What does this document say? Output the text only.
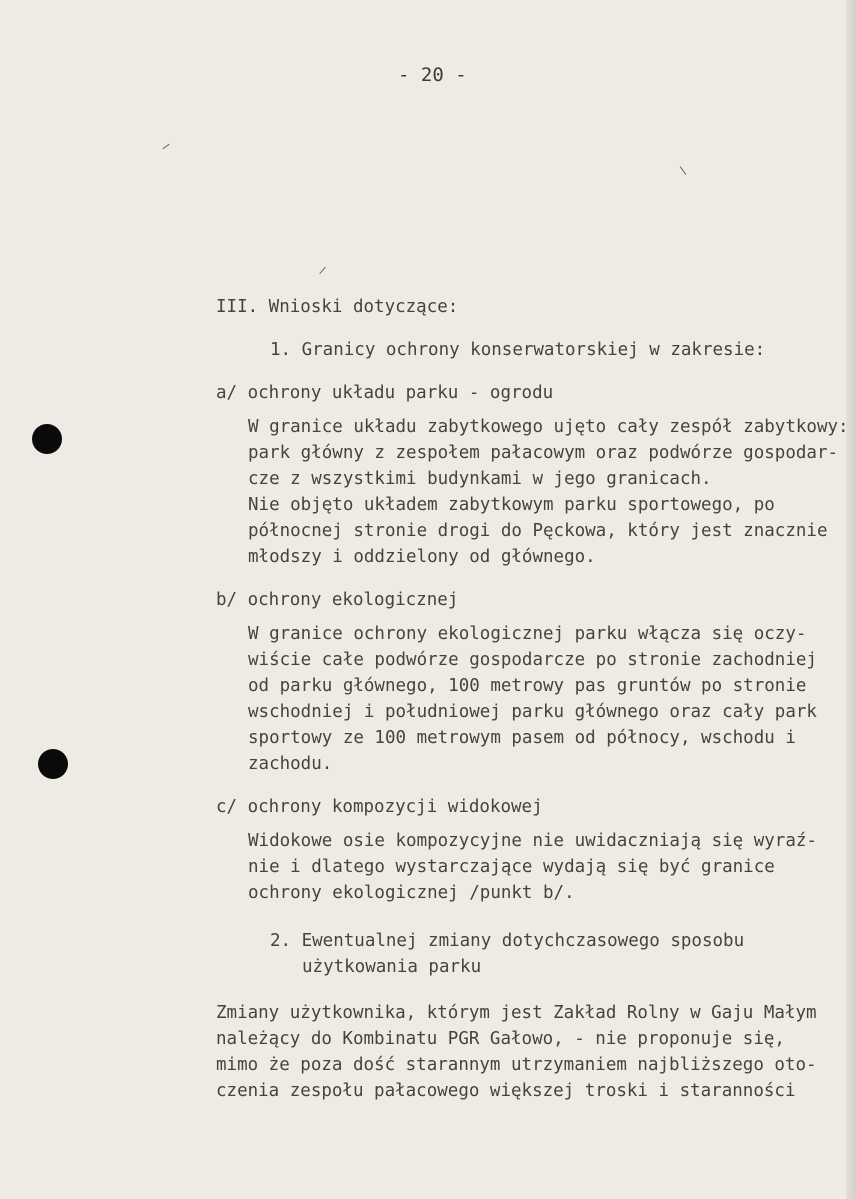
- 20 -
III. Wnioski dotyczące:
1. Granicy ochrony konserwatorskiej w zakresie:
a/ ochrony układu parku - ogrodu
W granice układu zabytkowego ujęto cały zespół zabytkowy:
park główny z zespołem pałacowym oraz podwórze gospodar-
cze z wszystkimi budynkami w jego granicach.
Nie objęto układem zabytkowym parku sportowego, po
północnej stronie drogi do Pęckowa, który jest znacznie
młodszy i oddzielony od głównego.
b/ ochrony ekologicznej
W granice ochrony ekologicznej parku włącza się oczy-
wiście całe podwórze gospodarcze po stronie zachodniej
od parku głównego, 100 metrowy pas gruntów po stronie
wschodniej i południowej parku głównego oraz cały park
sportowy ze 100 metrowym pasem od północy, wschodu i
zachodu.
c/ ochrony kompozycji widokowej
Widokowe osie kompozycyjne nie uwidaczniają się wyraź-
nie i dlatego wystarczające wydają się być granice
ochrony ekologicznej /punkt b/.
2. Ewentualnej zmiany dotychczasowego sposobu
użytkowania parku
Zmiany użytkownika, którym jest Zakład Rolny w Gaju Małym
należący do Kombinatu PGR Gałowo, - nie proponuje się,
mimo że poza dość starannym utrzymaniem najbliższego oto-
czenia zespołu pałacowego większej troski i staranności
